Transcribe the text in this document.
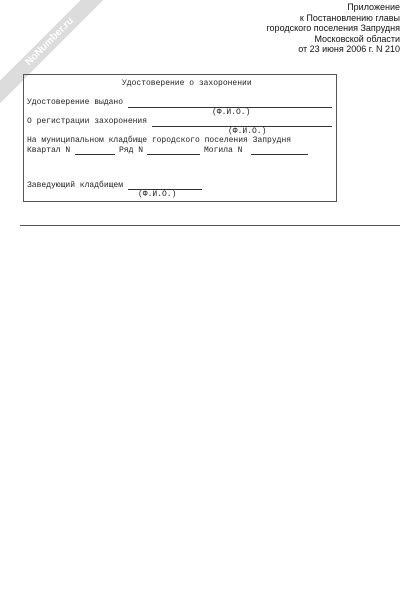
NoNumber.ru
Приложение
к Постановлению главы
городского поселения Запрудня
Московской области
от 23 июня 2006 г. N 210
Удостоверение о захоронении
Удостоверение выдано
(Ф.И.О.)
О регистрации захоронения
(Ф.И.О.)
На муниципальном кладбище городского поселения Запрудня
Квартал N	Ряд N	Могила N
Заведующий кладбищем
(Ф.И.О.)
